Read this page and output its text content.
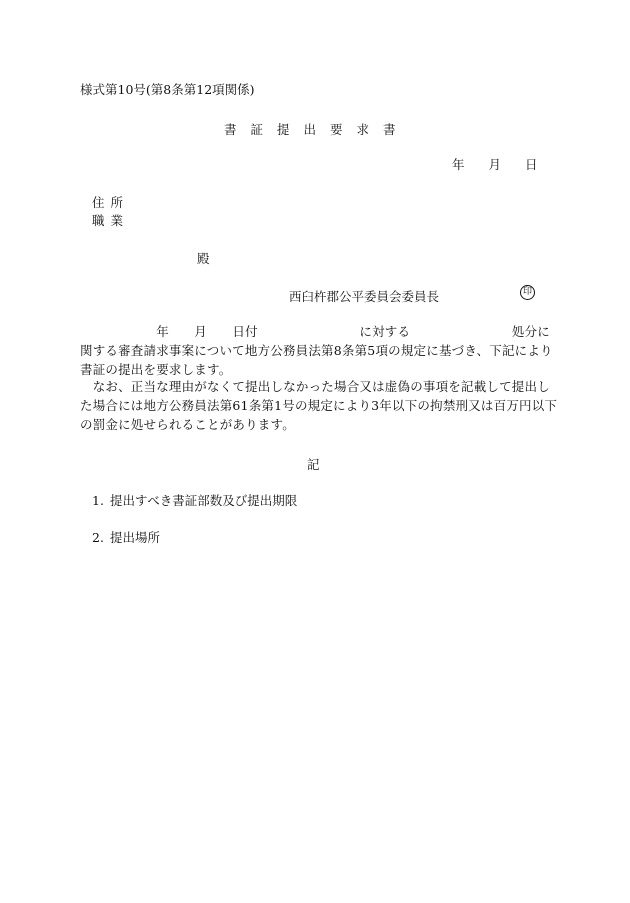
様式第10号(第8条第12項関係)
書証提出要求書
年 月 日
住所
職業
殿
西臼杵郡公平委員会委員長	印
　　　　　　年　　月　　日付　　　　　　　　に対する　　　　　　　　処分に関する審査請求事案について地方公務員法第8条第5項の規定に基づき、下記により書証の提出を要求します。
　なお、正当な理由がなくて提出しなかった場合又は虚偽の事項を記載して提出した場合には地方公務員法第61条第1号の規定により3年以下の拘禁刑又は百万円以下の罰金に処せられることがあります。
記
1. 提出すべき書証部数及び提出期限
2. 提出場所
